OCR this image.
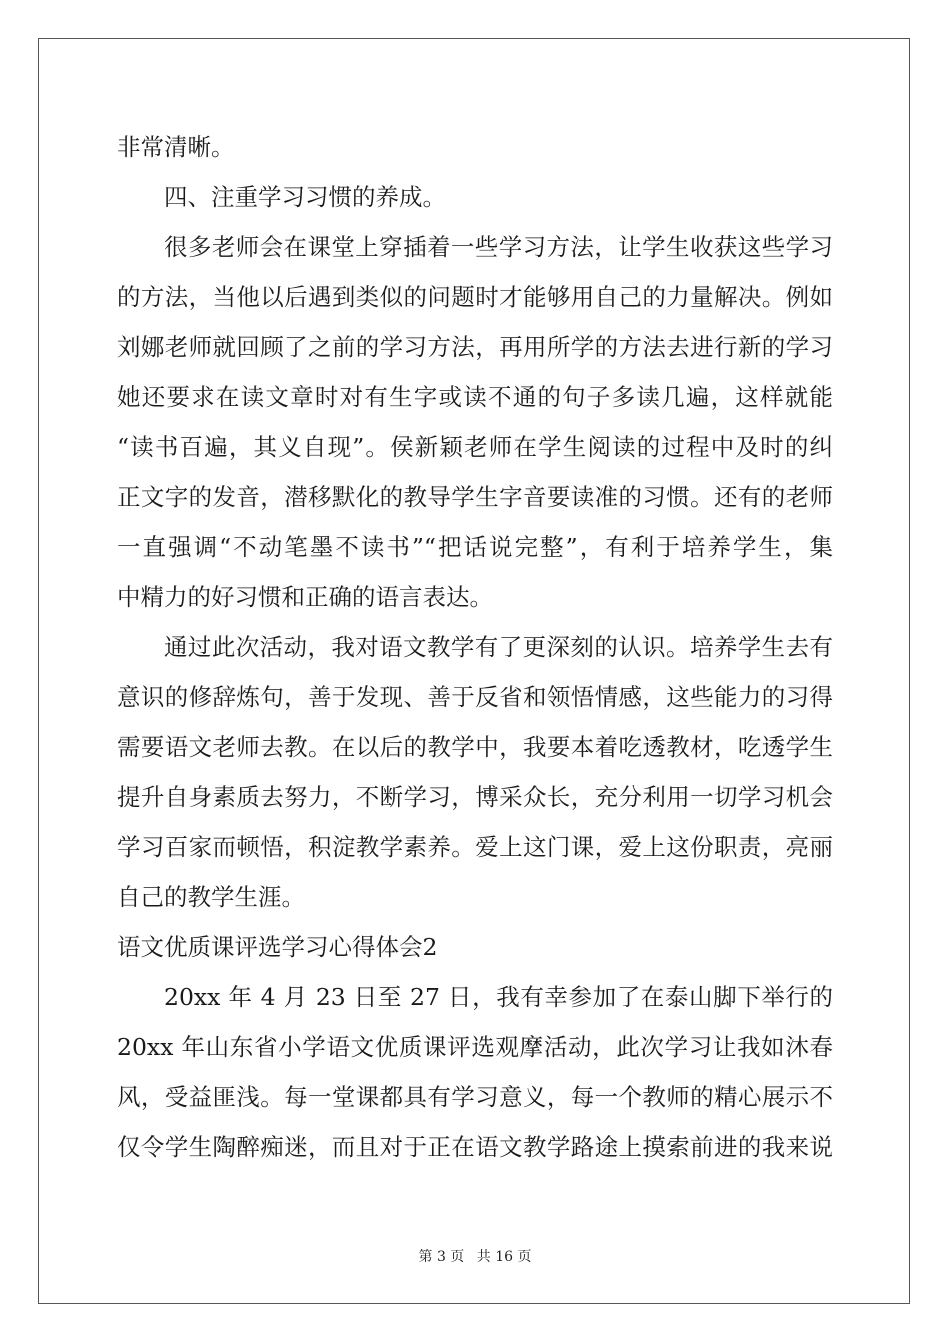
非常清晰。
四、注重学习习惯的养成。
很多老师会在课堂上穿插着一些学习方法，让学生收获这些学习
的方法，当他以后遇到类似的问题时才能够用自己的力量解决。例如
刘娜老师就回顾了之前的学习方法，再用所学的方法去进行新的学习
她还要求在读文章时对有生字或读不通的句子多读几遍，这样就能
“读书百遍，其义自现”。侯新颖老师在学生阅读的过程中及时的纠
正文字的发音，潜移默化的教导学生字音要读准的习惯。还有的老师
一直强调“不动笔墨不读书”“把话说完整”，有利于培养学生，集
中精力的好习惯和正确的语言表达。
通过此次活动，我对语文教学有了更深刻的认识。培养学生去有
意识的修辞炼句，善于发现、善于反省和领悟情感，这些能力的习得
需要语文老师去教。在以后的教学中，我要本着吃透教材，吃透学生
提升自身素质去努力，不断学习，博采众长，充分利用一切学习机会
学习百家而顿悟，积淀教学素养。爱上这门课，爱上这份职责，亮丽
自己的教学生涯。
语文优质课评选学习心得体会2
20xx 年 4 月 23 日至 27 日，我有幸参加了在泰山脚下举行的
20xx 年山东省小学语文优质课评选观摩活动，此次学习让我如沐春
风，受益匪浅。每一堂课都具有学习意义，每一个教师的精心展示不
仅令学生陶醉痴迷，而且对于正在语文教学路途上摸索前进的我来说
第 3 页 共 16 页
